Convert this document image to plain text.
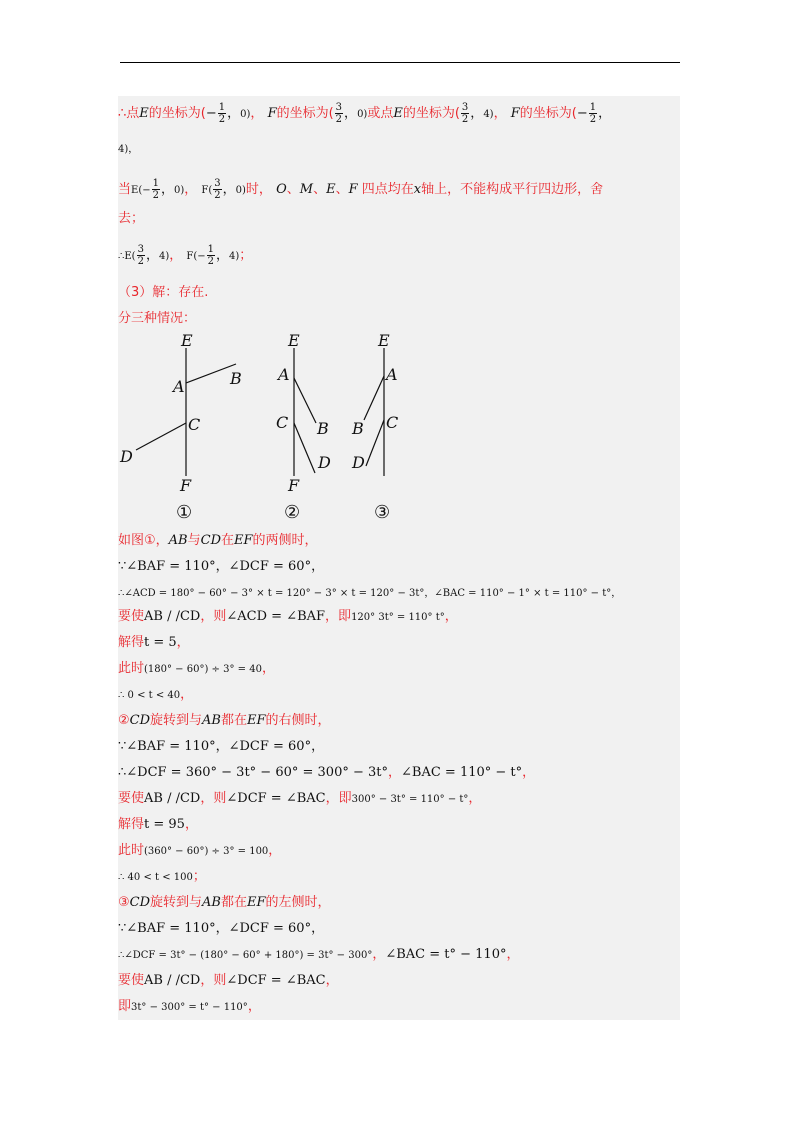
∴点E的坐标为(− $\frac{1}{2}$ ，0)， F的坐标为( $\frac{3}{2}$ ，0)或点E的坐标为( $\frac{3}{2}$ ，4)， F的坐标为(− $\frac{1}{2}$ ，
4)，
当$E(- \frac{1}{2}$ ，0)， $F( \frac{3}{2}$ ，0)时， O、M、E、F 四点均在x轴上，不能构成平行四边形，舍
去；
∴E( $\frac{3}{2}$ ，4)， $F(- \frac{1}{2}$ ，4)；
（3）解：存在.
分三种情况：
E
A	B
C
D
F
①
E
A
B
C
D
F
②
E
A
B C
D
③
如图①，AB与CD在EF的两侧时，
∵∠BAF = 110°，∠DCF = 60°，
∴∠ACD = 180° − 60° − 3° × t = 120° − 3° × t = 120° − 3t°，∠BAC = 110° − 1° × t = 110° − t°，
要使AB / /CD，则∠ACD = ∠BAF，即120° 3t° = 110° t°，
解得t = 5，
此时(180° − 60°) ÷ 3° = 40，
∴ 0 < t < 40，
②CD旋转到与AB都在EF的右侧时，
∵∠BAF = 110°，∠DCF = 60°，
∴∠DCF = 360° − 3t° − 60° = 300° − 3t°，∠BAC = 110° − t°，
要使AB / /CD，则∠DCF = ∠BAC，即300° − 3t° = 110° − t°，
解得t = 95，
此时(360° − 60°) ÷ 3° = 100，
∴ 40 < t < 100；
③CD旋转到与AB都在EF的左侧时，
∵∠BAF = 110°，∠DCF = 60°，
∴∠DCF = 3t° − (180° − 60° + 180°) = 3t° − 300°，∠BAC = t° − 110°，
要使AB / /CD，则∠DCF = ∠BAC，
即3t° − 300° = t° − 110°，
